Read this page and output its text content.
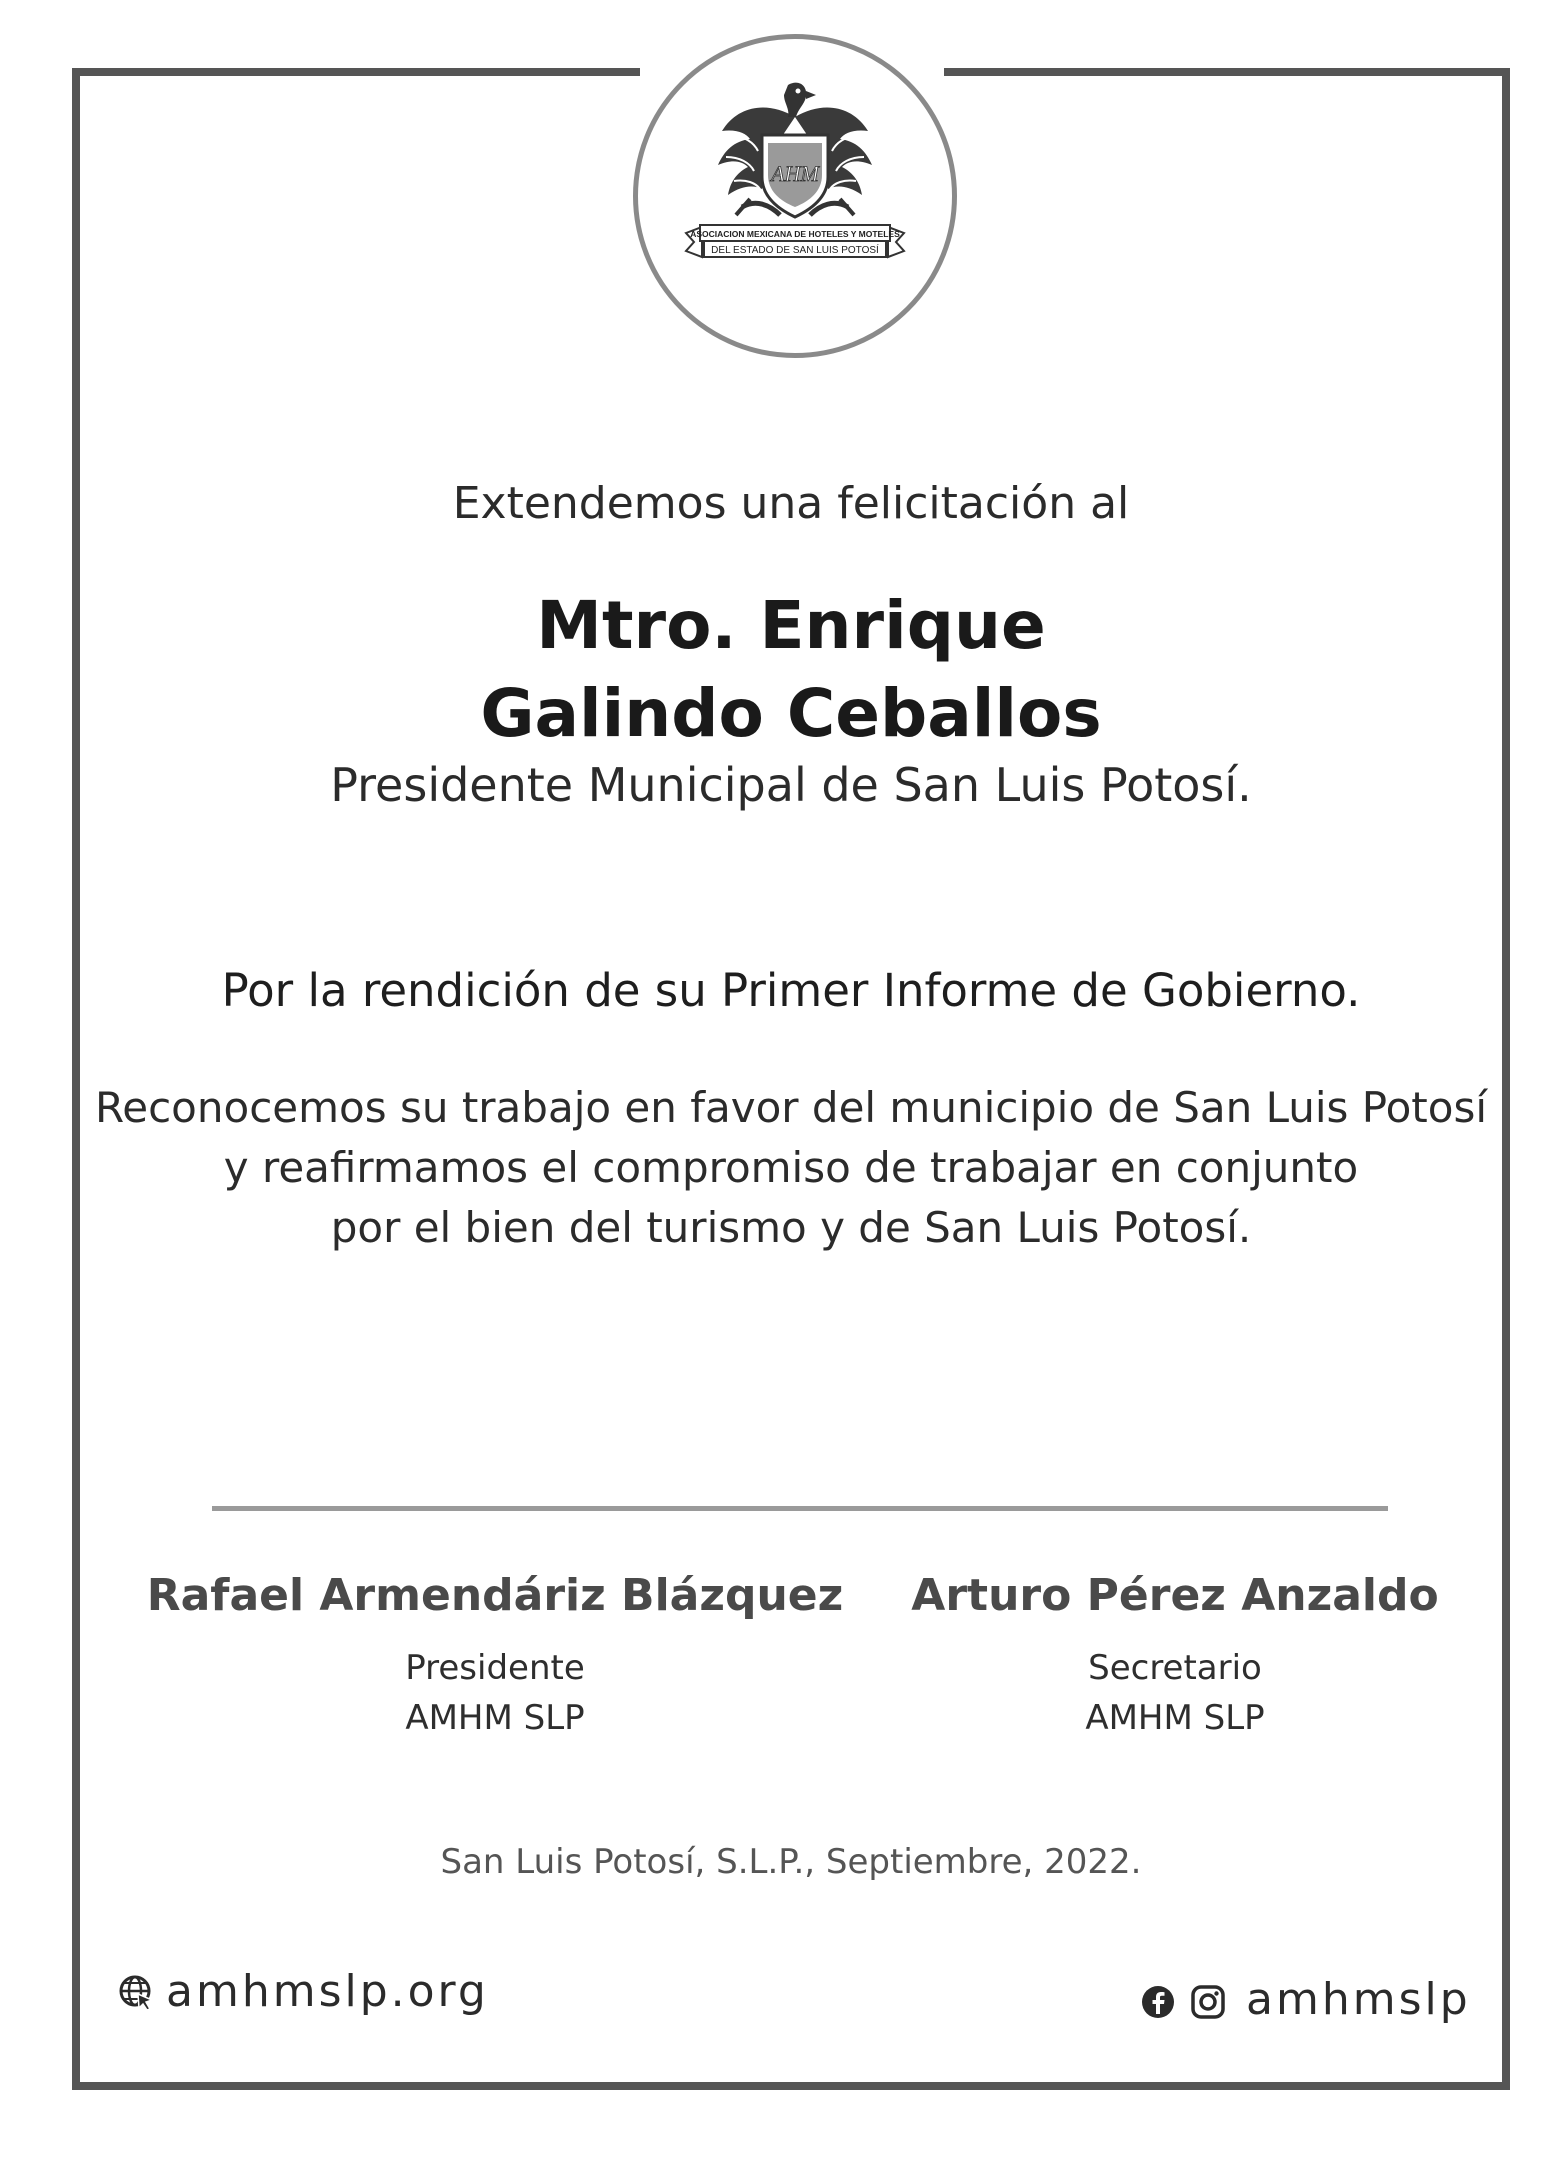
AHM
ASOCIACION MEXICANA DE HOTELES Y MOTELES
DEL ESTADO DE SAN LUIS POTOSÍ
Extendemos una felicitación al
Mtro. Enrique
Galindo Ceballos
Presidente Municipal de San Luis Potosí.
Por la rendición de su Primer Informe de Gobierno.
Reconocemos su trabajo en favor del municipio de San Luis Potosí
y reafirmamos el compromiso de trabajar en conjunto
por el bien del turismo y de San Luis Potosí.
Rafael Armendáriz Blázquez
Presidente
AMHM SLP
Arturo Pérez Anzaldo
Secretario
AMHM SLP
San Luis Potosí, S.L.P., Septiembre, 2022.
amhmslp.org	amhmslp
